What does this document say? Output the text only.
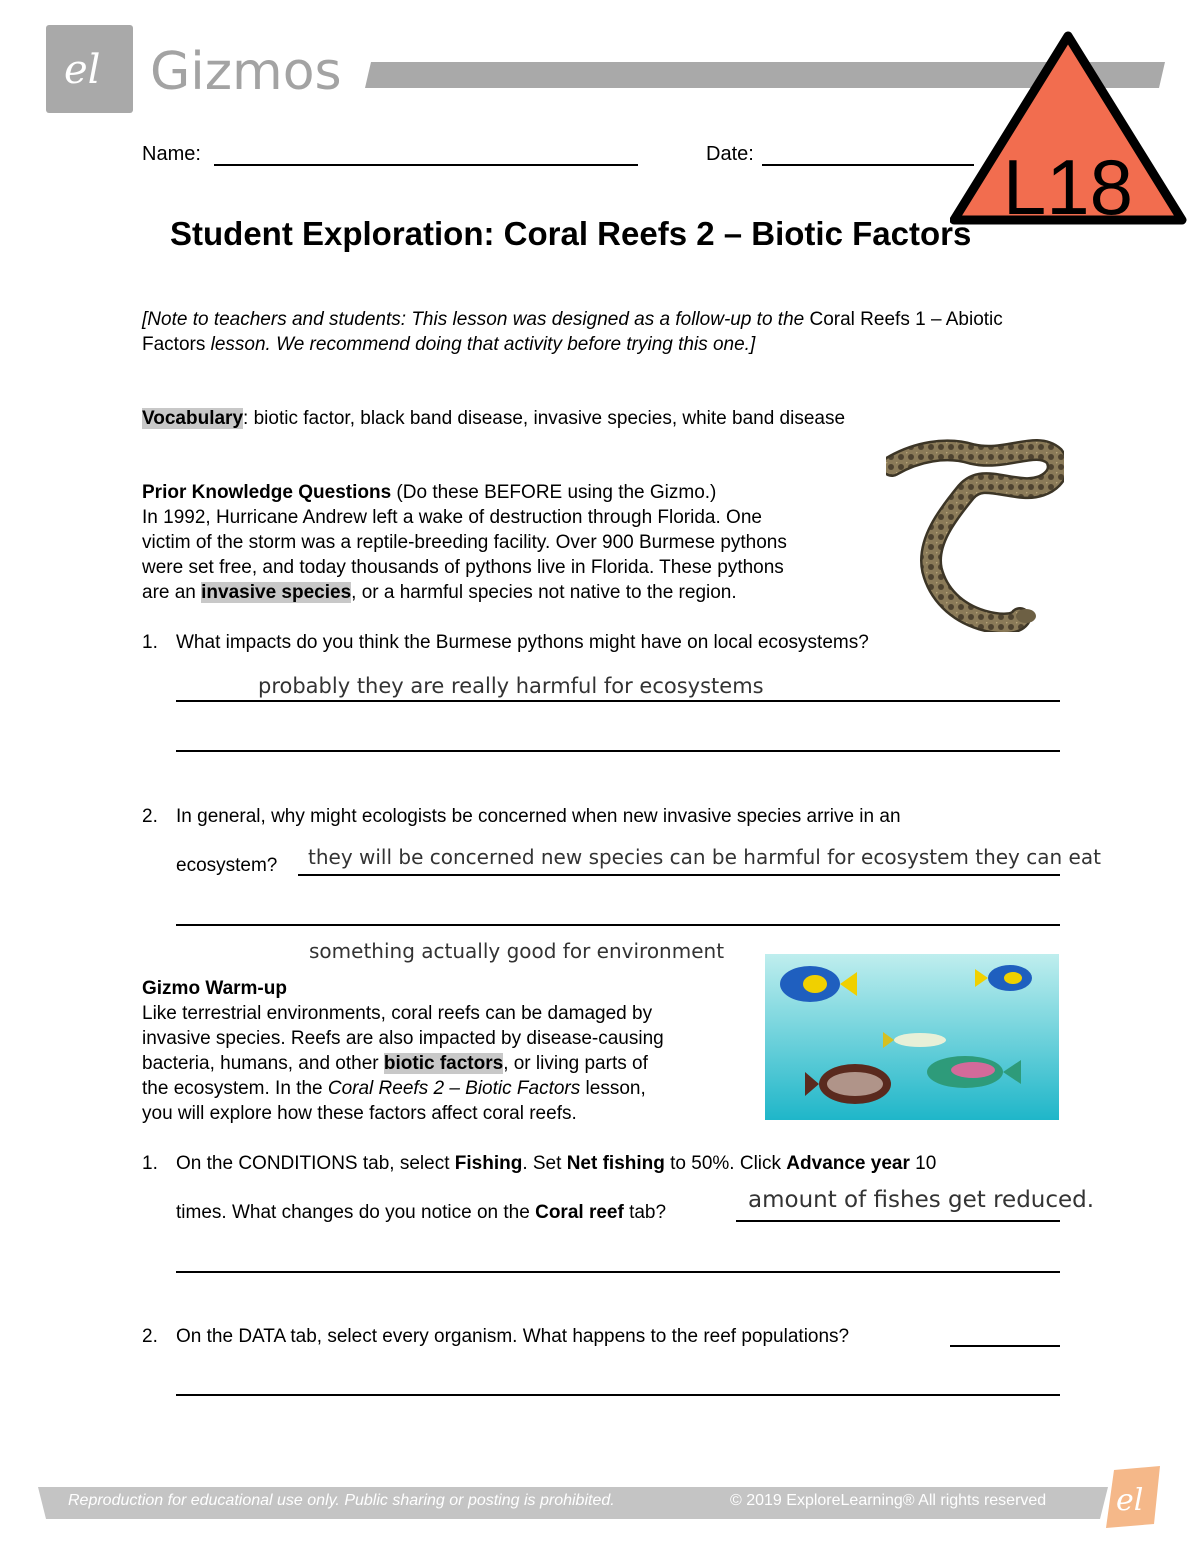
el Gizmos
L18
Name:	Date:
Student Exploration: Coral Reefs 2 – Biotic Factors
[Note to teachers and students: This lesson was designed as a follow-up to the Coral Reefs 1 – Abiotic Factors lesson. We recommend doing that activity before trying this one.]
Vocabulary: biotic factor, black band disease, invasive species, white band disease
Prior Knowledge Questions (Do these BEFORE using the Gizmo.)
In 1992, Hurricane Andrew left a wake of destruction through Florida. One
victim of the storm was a reptile-breeding facility. Over 900 Burmese pythons
were set free, and today thousands of pythons live in Florida. These pythons
are an invasive species, or a harmful species not native to the region.
1. What impacts do you think the Burmese pythons might have on local ecosystems?
probably they are really harmful for ecosystems
2. In general, why might ecologists be concerned when new invasive species arrive in an
ecosystem? they will be concerned new species can be harmful for ecosystem they can eat
something actually good for environment
Gizmo Warm-up
Like terrestrial environments, coral reefs can be damaged by
invasive species. Reefs are also impacted by disease-causing
bacteria, humans, and other biotic factors, or living parts of
the ecosystem. In the Coral Reefs 2 – Biotic Factors lesson,
you will explore how these factors affect coral reefs.
1. On the CONDITIONS tab, select Fishing. Set Net fishing to 50%. Click Advance year 10
times. What changes do you notice on the Coral reef tab?	amount of fishes get reduced.
2. On the DATA tab, select every organism. What happens to the reef populations?
Reproduction for educational use only. Public sharing or posting is prohibited.	© 2019 ExploreLearning® All rights reserved el
